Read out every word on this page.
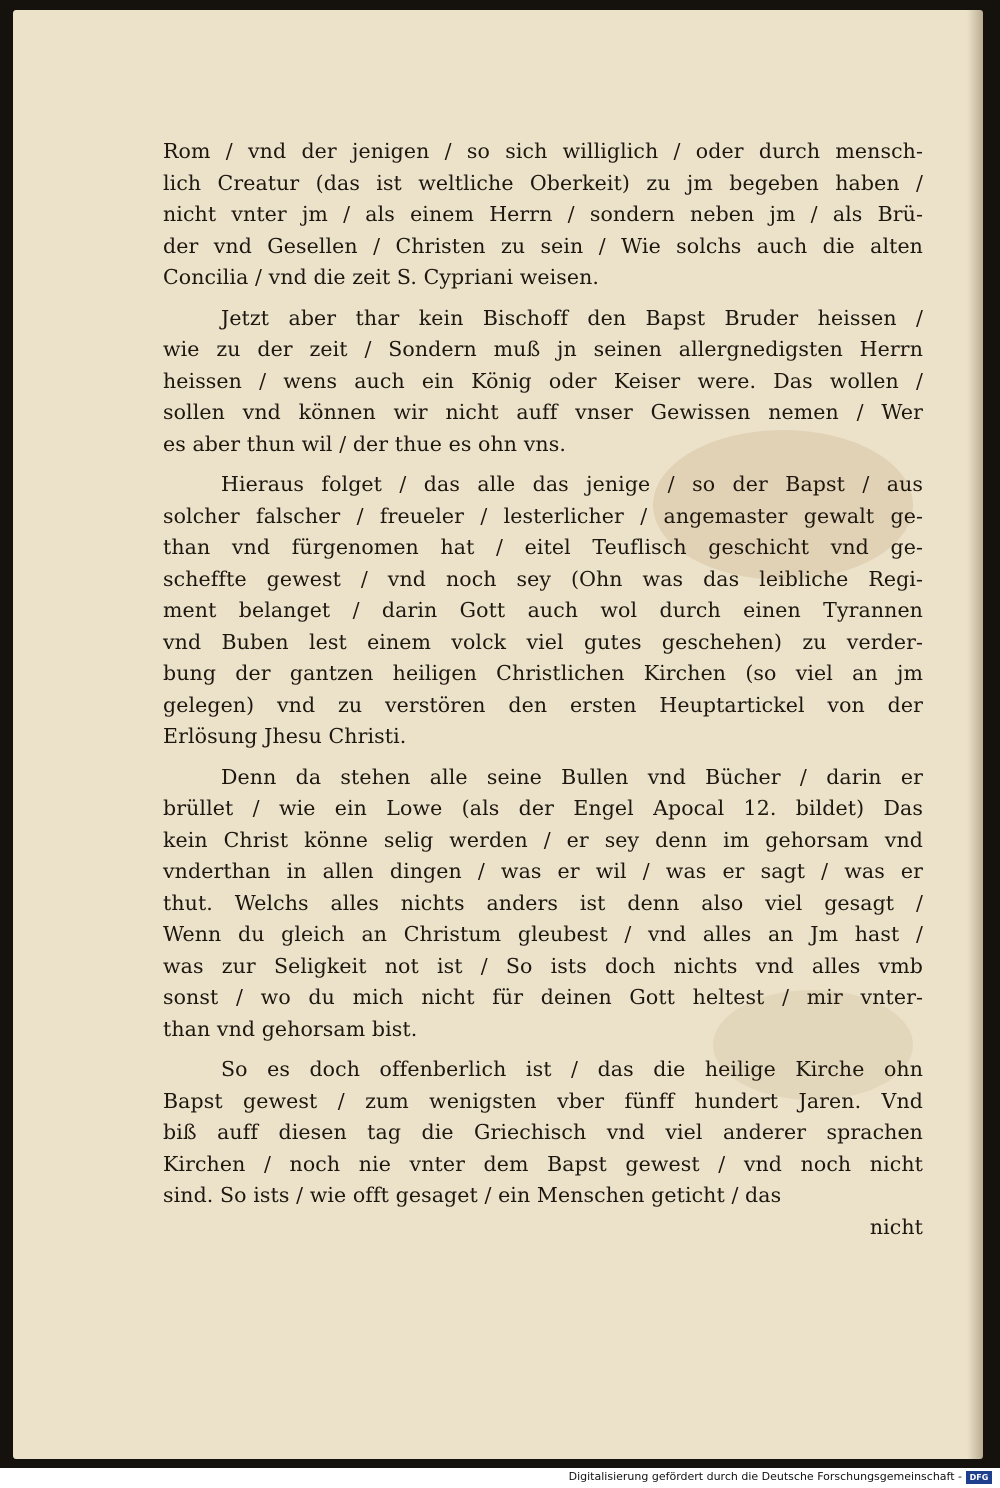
Rom / vnd der jenigen / so sich williglich / oder durch mensch-
lich Creatur (das ist weltliche Oberkeit) zu jm begeben haben /
nicht vnter jm / als einem Herrn / sondern neben jm / als Brü-
der vnd Gesellen / Christen zu sein / Wie solchs auch die alten
Concilia / vnd die zeit S. Cypriani weisen.
Jetzt aber thar kein Bischoff den Bapst Bruder heissen /
wie zu der zeit / Sondern muß jn seinen allergnedigsten Herrn
heissen / wens auch ein König oder Keiser were. Das wollen /
sollen vnd können wir nicht auff vnser Gewissen nemen / Wer
es aber thun wil / der thue es ohn vns.
Hieraus folget / das alle das jenige / so der Bapst / aus
solcher falscher / freueler / lesterlicher / angemaster gewalt ge-
than vnd fürgenomen hat / eitel Teuflisch geschicht vnd ge-
scheffte gewest / vnd noch sey (Ohn was das leibliche Regi-
ment belanget / darin Gott auch wol durch einen Tyrannen
vnd Buben lest einem volck viel gutes geschehen) zu verder-
bung der gantzen heiligen Christlichen Kirchen (so viel an jm
gelegen) vnd zu verstören den ersten Heuptartickel von der
Erlösung Jhesu Christi.
Denn da stehen alle seine Bullen vnd Bücher / darin er
brüllet / wie ein Lowe (als der Engel Apocal 12. bildet) Das
kein Christ könne selig werden / er sey denn im gehorsam vnd
vnderthan in allen dingen / was er wil / was er sagt / was er
thut. Welchs alles nichts anders ist denn also viel gesagt /
Wenn du gleich an Christum gleubest / vnd alles an Jm hast /
was zur Seligkeit not ist / So ists doch nichts vnd alles vmb
sonst / wo du mich nicht für deinen Gott heltest / mir vnter-
than vnd gehorsam bist.
So es doch offenberlich ist / das die heilige Kirche ohn
Bapst gewest / zum wenigsten vber fünff hundert Jaren. Vnd
biß auff diesen tag die Griechisch vnd viel anderer sprachen
Kirchen / noch nie vnter dem Bapst gewest / vnd noch nicht
sind. So ists / wie offt gesaget / ein Menschen geticht / das
nicht
Digitalisierung gefördert durch die Deutsche Forschungsgemeinschaft - DFG
